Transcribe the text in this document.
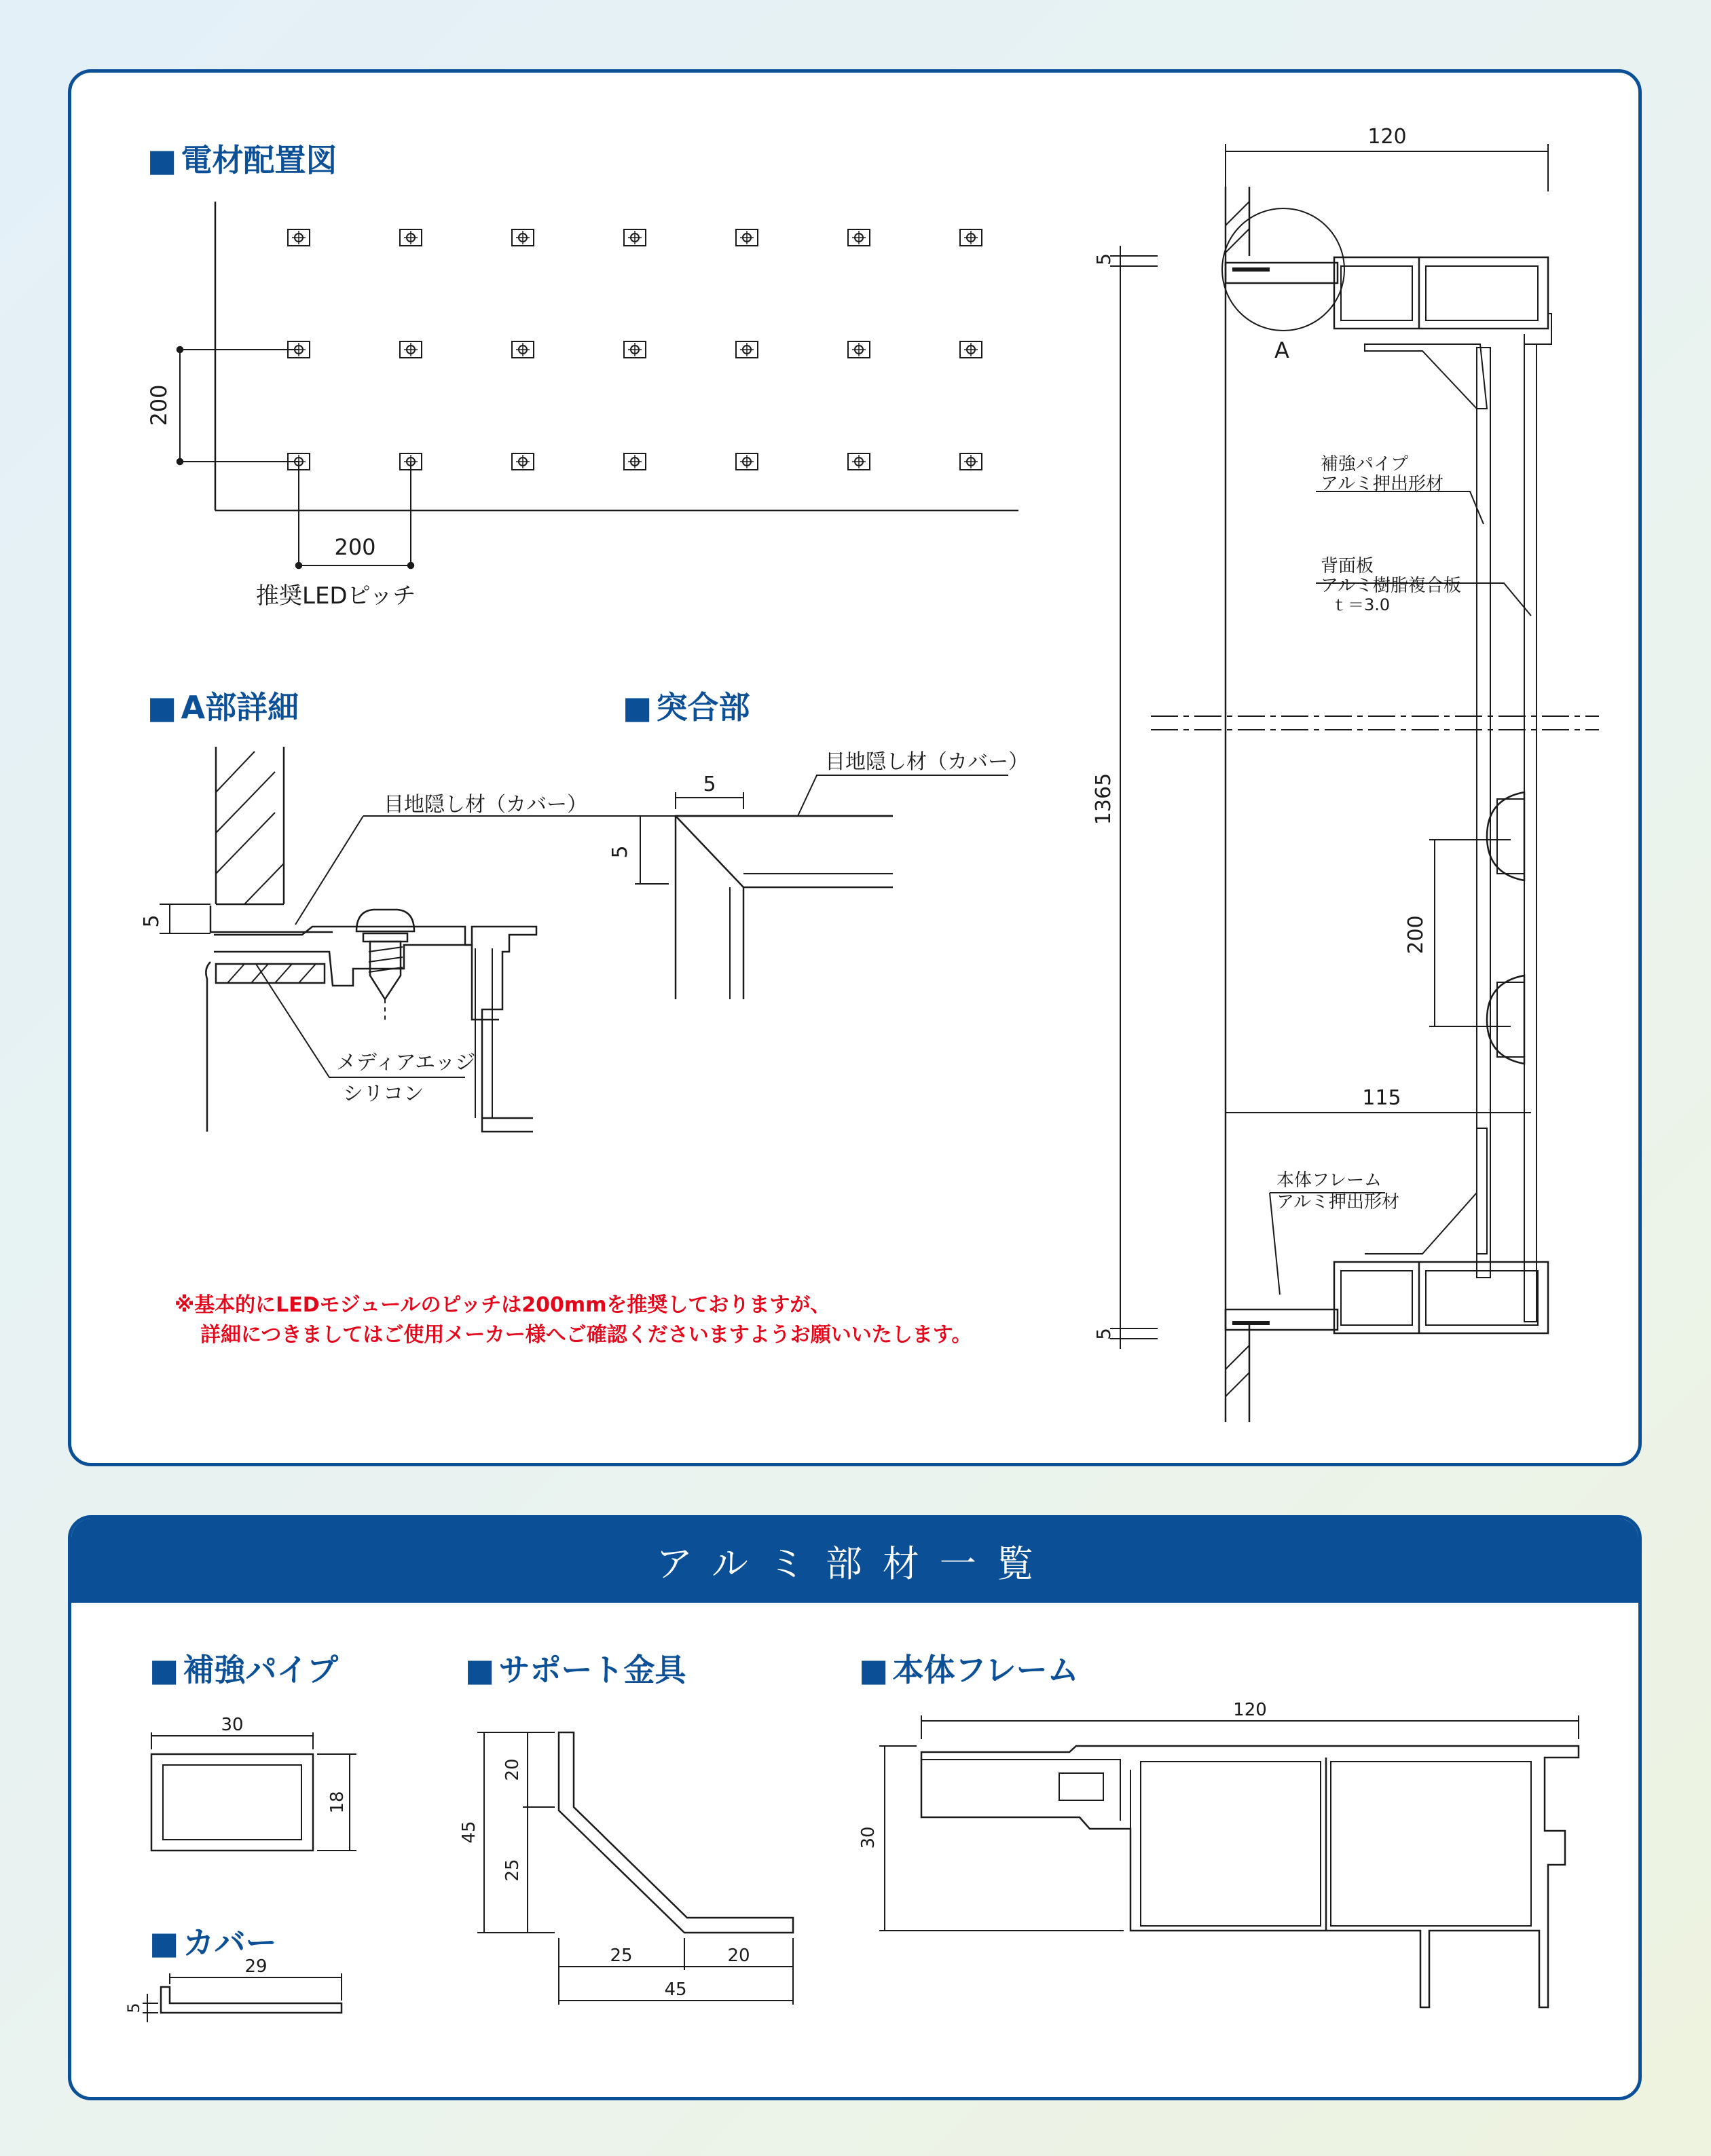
■ 電材配置図
■ A部詳細	■ 突合部
※基本的にLEDモジュールのピッチは200mmを推奨しておりますが、
詳細につきましてはご使用メーカー様へご確認くださいますようお願いいたします。
200
200
推奨LEDピッチ
5
目地隠し材（カバー）
メディアエッジ
シリコン
5
5
目地隠し材（カバー）
120
A
200
115
5
1365
5
補強パイプ
アルミ押出形材
背面板
アルミ樹脂複合板
ｔ＝3.0
本体フレーム
アルミ押出形材
アルミ部材一覧
■ 補強パイプ
■ カバー
■ サポート金具	■ 本体フレーム
30
18
29
5
45
20
25
25	20
45
120
30
